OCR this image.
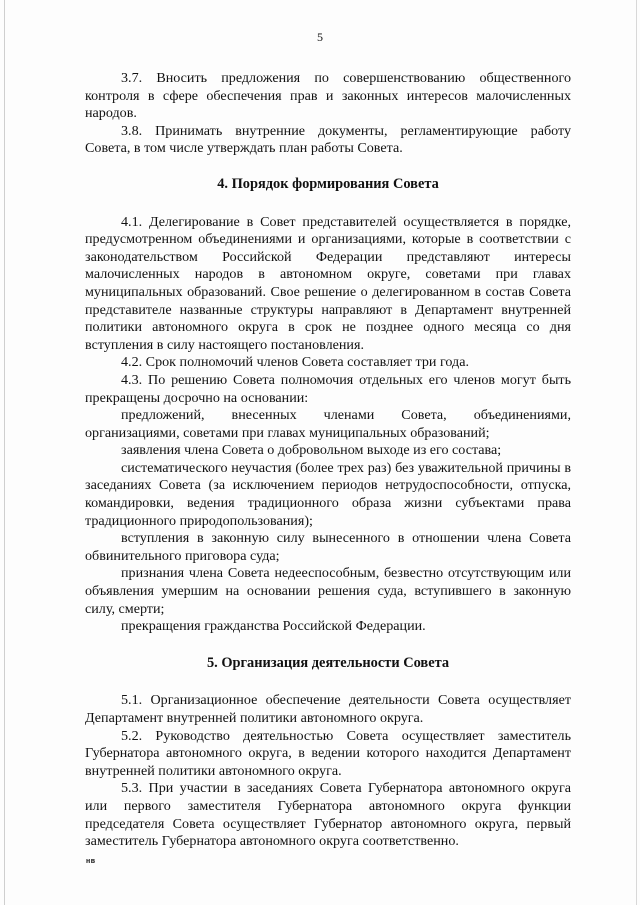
5

3.7. Вносить предложения по совершенствованию общественного контроля в сфере обеспечения прав и законных интересов малочисленных народов.

3.8. Принимать внутренние документы, регламентирующие работу Совета, в том числе утверждать план работы Совета.

4. Порядок формирования Совета

4.1. Делегирование в Совет представителей осуществляется в порядке, предусмотренном объединениями и организациями, которые в соответствии с законодательством Российской Федерации представляют интересы малочисленных народов в автономном округе, советами при главах муниципальных образований. Свое решение о делегированном в состав Совета представителе названные структуры направляют в Департамент внутренней политики автономного округа в срок не позднее одного месяца со дня вступления в силу настоящего постановления.

4.2. Срок полномочий членов Совета составляет три года.

4.3. По решению Совета полномочия отдельных его членов могут быть прекращены досрочно на основании:

предложений, внесенных членами Совета, объединениями, организациями, советами при главах муниципальных образований;

заявления члена Совета о добровольном выходе из его состава;

систематического неучастия (более трех раз) без уважительной причины в заседаниях Совета (за исключением периодов нетрудоспособности, отпуска, командировки, ведения традиционного образа жизни субъектами права традиционного природопользования);

вступления в законную силу вынесенного в отношении члена Совета обвинительного приговора суда;

признания члена Совета недееспособным, безвестно отсутствующим или объявления умершим на основании решения суда, вступившего в законную силу, смерти;

прекращения гражданства Российской Федерации.

5. Организация деятельности Совета

5.1. Организационное обеспечение деятельности Совета осуществляет Департамент внутренней политики автономного округа.

5.2. Руководство деятельностью Совета осуществляет заместитель Губернатора автономного округа, в ведении которого находится Департамент внутренней политики автономного округа.

5.3. При участии в заседаниях Совета Губернатора автономного округа или первого заместителя Губернатора автономного округа функции председателя Совета осуществляет Губернатор автономного округа, первый заместитель Губернатора автономного округа соответственно.

нв
